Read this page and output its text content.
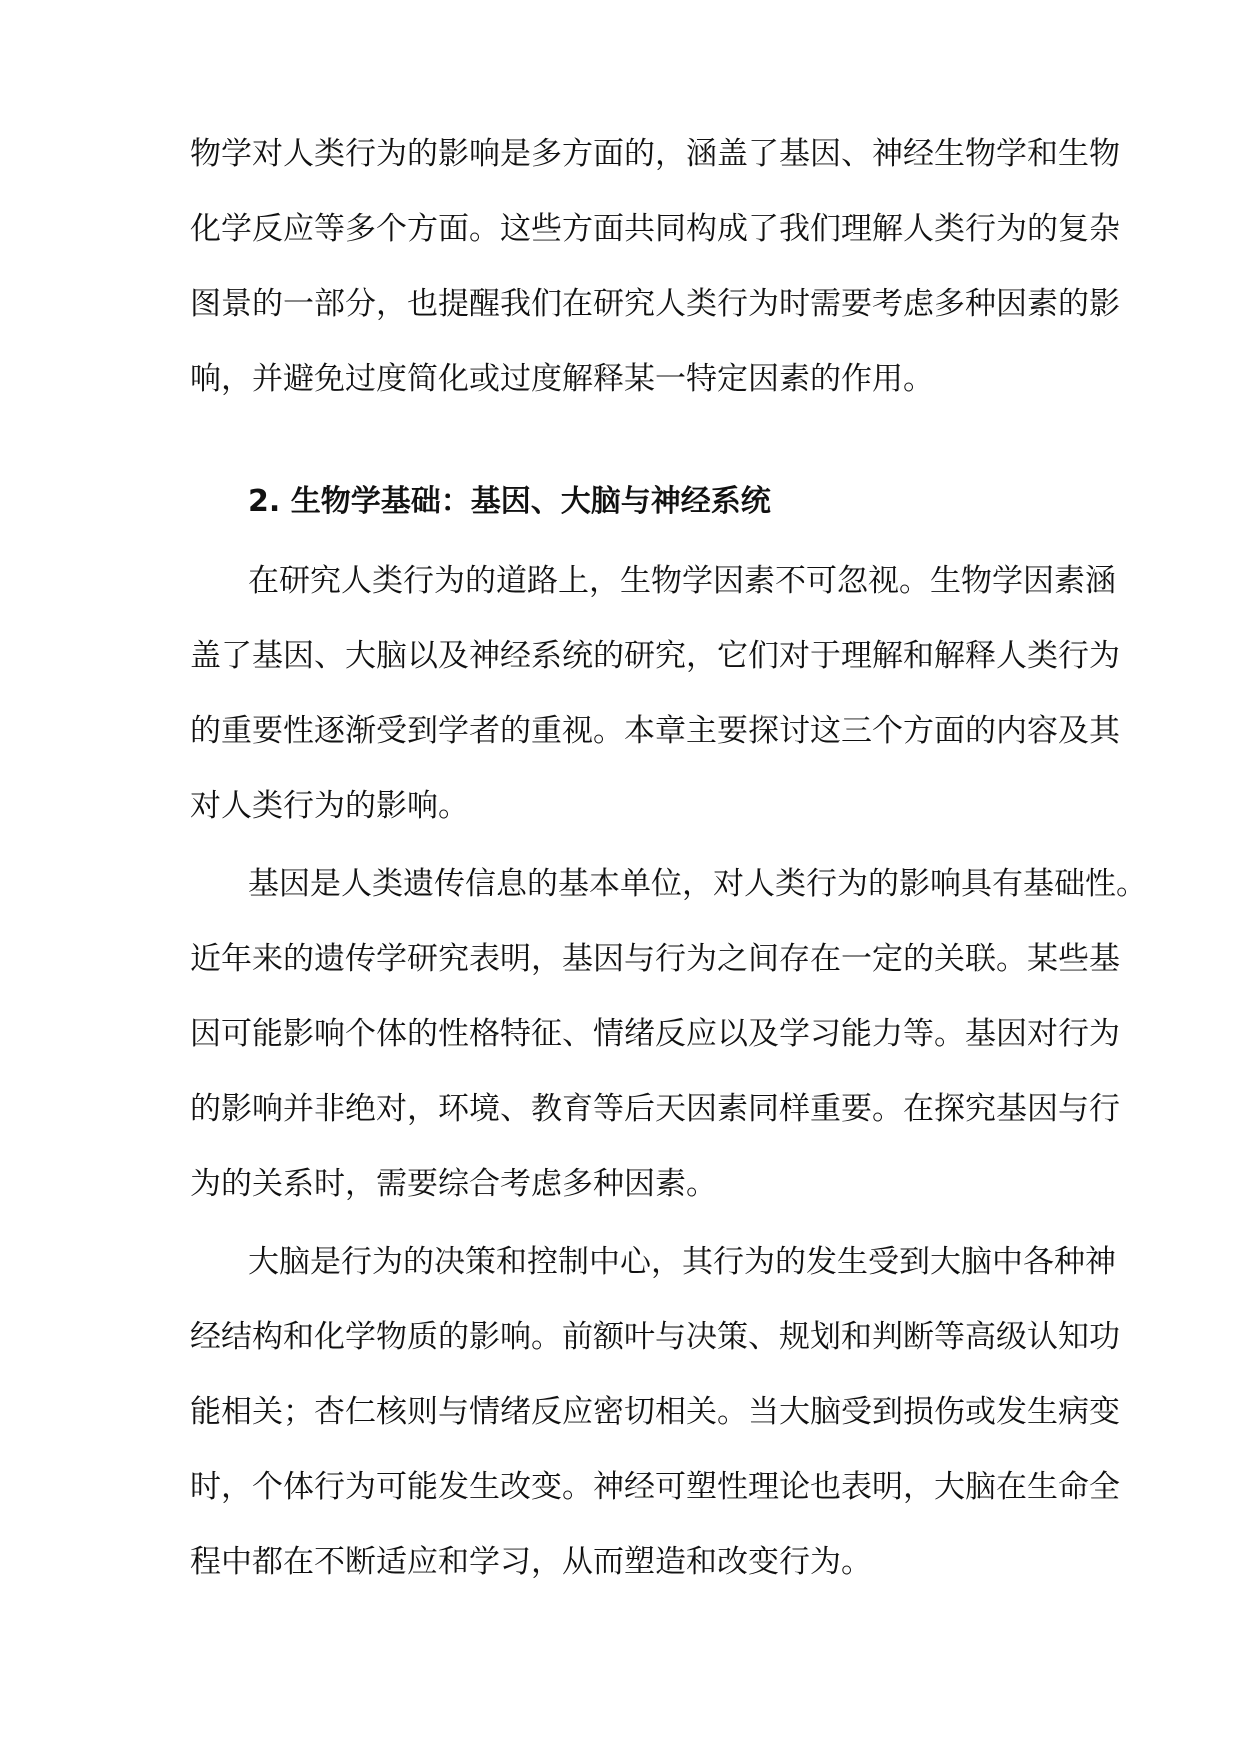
物学对人类行为的影响是多方面的，涵盖了基因、神经生物学和生物
化学反应等多个方面。这些方面共同构成了我们理解人类行为的复杂
图景的一部分，也提醒我们在研究人类行为时需要考虑多种因素的影
响，并避免过度简化或过度解释某一特定因素的作用。
2. 生物学基础：基因、大脑与神经系统
在研究人类行为的道路上，生物学因素不可忽视。生物学因素涵
盖了基因、大脑以及神经系统的研究，它们对于理解和解释人类行为
的重要性逐渐受到学者的重视。本章主要探讨这三个方面的内容及其
对人类行为的影响。
基因是人类遗传信息的基本单位，对人类行为的影响具有基础性。
近年来的遗传学研究表明，基因与行为之间存在一定的关联。某些基
因可能影响个体的性格特征、情绪反应以及学习能力等。基因对行为
的影响并非绝对，环境、教育等后天因素同样重要。在探究基因与行
为的关系时，需要综合考虑多种因素。
大脑是行为的决策和控制中心，其行为的发生受到大脑中各种神
经结构和化学物质的影响。前额叶与决策、规划和判断等高级认知功
能相关；杏仁核则与情绪反应密切相关。当大脑受到损伤或发生病变
时，个体行为可能发生改变。神经可塑性理论也表明，大脑在生命全
程中都在不断适应和学习，从而塑造和改变行为。
